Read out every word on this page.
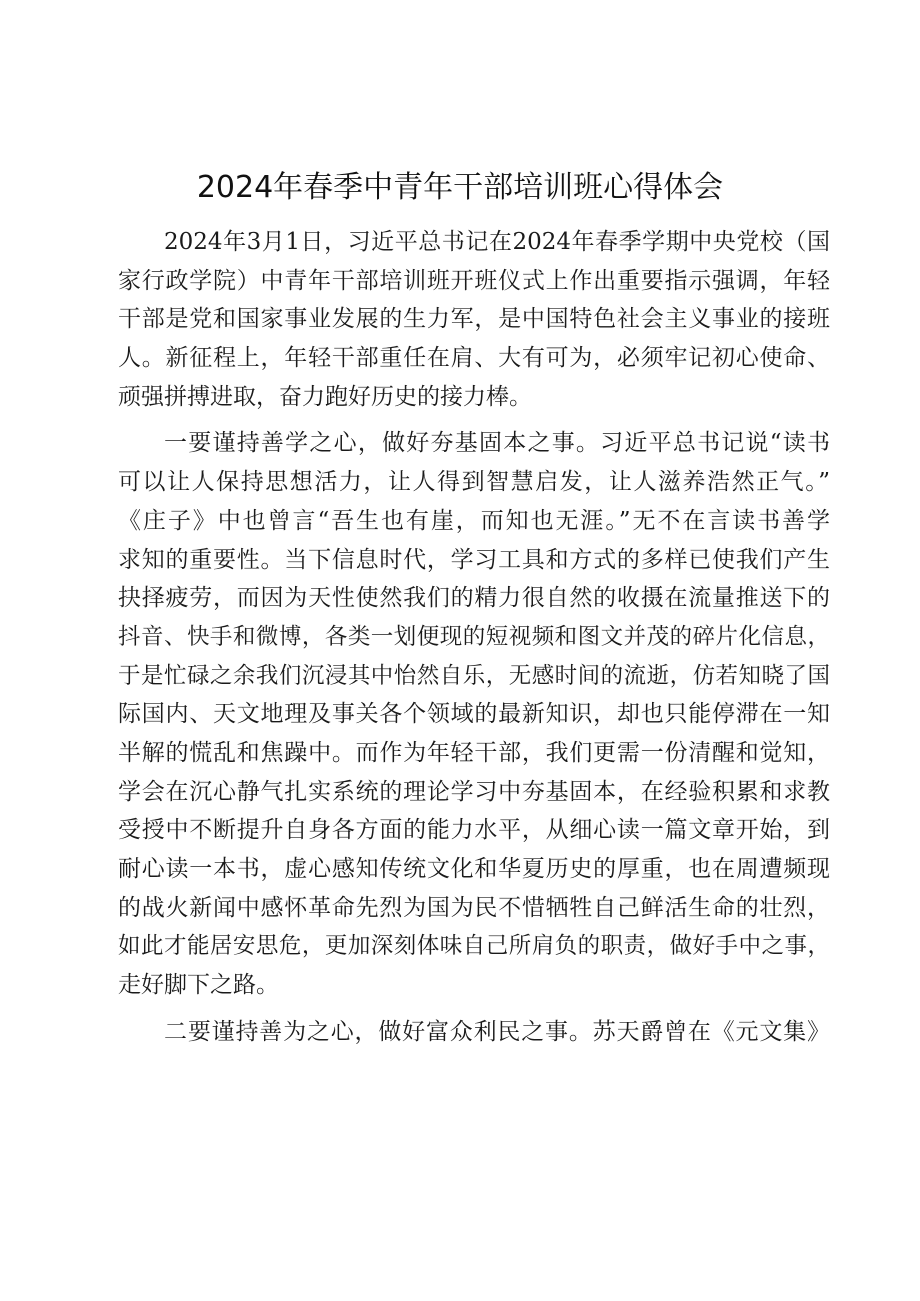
2024年春季中青年干部培训班心得体会
2024年3月1日，习近平总书记在2024年春季学期中央党校（国
家行政学院）中青年干部培训班开班仪式上作出重要指示强调，年轻
干部是党和国家事业发展的生力军，是中国特色社会主义事业的接班
人。新征程上，年轻干部重任在肩、大有可为，必须牢记初心使命、
顽强拼搏进取，奋力跑好历史的接力棒。
一要谨持善学之心，做好夯基固本之事。习近平总书记说“读书
可以让人保持思想活力，让人得到智慧启发，让人滋养浩然正气。”
《庄子》中也曾言“吾生也有崖，而知也无涯。”无不在言读书善学
求知的重要性。当下信息时代，学习工具和方式的多样已使我们产生
抉择疲劳，而因为天性使然我们的精力很自然的收摄在流量推送下的
抖音、快手和微博，各类一划便现的短视频和图文并茂的碎片化信息，
于是忙碌之余我们沉浸其中怡然自乐，无感时间的流逝，仿若知晓了国
际国内、天文地理及事关各个领域的最新知识，却也只能停滞在一知
半解的慌乱和焦躁中。而作为年轻干部，我们更需一份清醒和觉知，
学会在沉心静气扎实系统的理论学习中夯基固本，在经验积累和求教
受授中不断提升自身各方面的能力水平，从细心读一篇文章开始，到
耐心读一本书，虚心感知传统文化和华夏历史的厚重，也在周遭频现
的战火新闻中感怀革命先烈为国为民不惜牺牲自己鲜活生命的壮烈，
如此才能居安思危，更加深刻体味自己所肩负的职责，做好手中之事，
走好脚下之路。
二要谨持善为之心，做好富众利民之事。苏天爵曾在《元文集》
